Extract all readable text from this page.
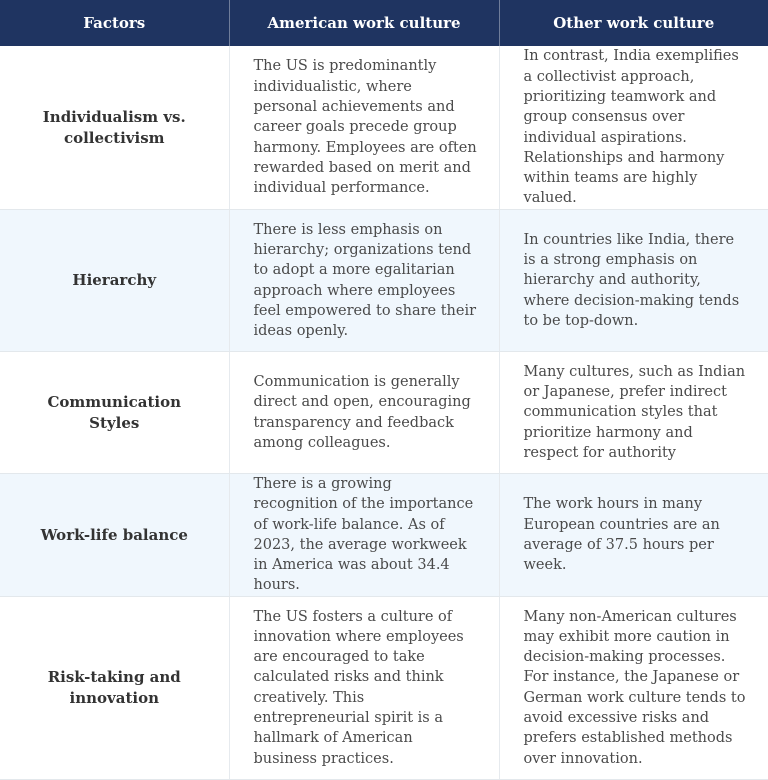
Factors	American work culture	Other work culture
Individualism vs. collectivism	The US is predominantly individualistic, where personal achievements and career goals precede group harmony. Employees are often rewarded based on merit and individual performance.	In contrast, India exemplifies a collectivist approach, prioritizing teamwork and group consensus over individual aspirations. Relationships and harmony within teams are highly valued.
Hierarchy	There is less emphasis on hierarchy; organizations tend to adopt a more egalitarian approach where employees feel empowered to share their ideas openly.	In countries like India, there is a strong emphasis on hierarchy and authority, where decision-making tends to be top-down.
Communication Styles	Communication is generally direct and open, encouraging transparency and feedback among colleagues.	Many cultures, such as Indian or Japanese, prefer indirect communication styles that prioritize harmony and respect for authority
Work-life balance	There is a growing recognition of the importance of work-life balance. As of 2023, the average workweek in America was about 34.4 hours.	The work hours in many European countries are an average of 37.5 hours per week.
Risk-taking and innovation	The US fosters a culture of innovation where employees are encouraged to take calculated risks and think creatively. This entrepreneurial spirit is a hallmark of American business practices.	Many non-American cultures may exhibit more caution in decision-making processes. For instance, the Japanese or German work culture tends to avoid excessive risks and prefers established methods over innovation.
